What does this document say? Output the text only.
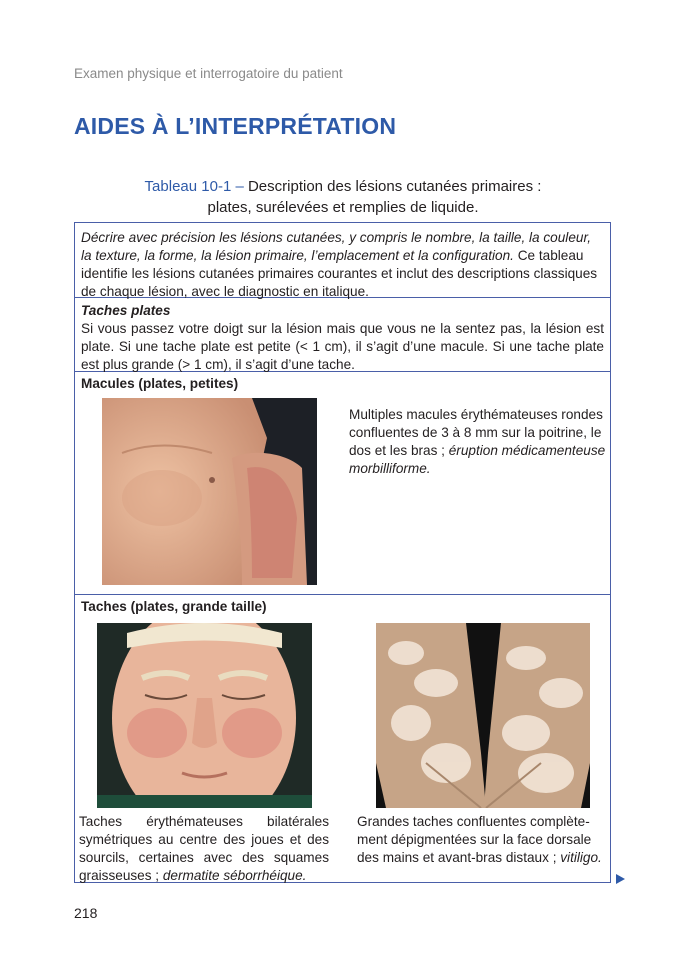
Examen physique et interrogatoire du patient
AIDES À L’INTERPRÉTATION
Tableau 10-1 – Description des lésions cutanées primaires :
plates, surélevées et remplies de liquide.
Décrire avec précision les lésions cutanées, y compris le nombre, la taille, la couleur, la texture, la forme, la lésion primaire, l’emplacement et la configuration. Ce tableau identifie les lésions cutanées primaires courantes et inclut des descriptions classiques de chaque lésion, avec le diagnostic en italique.
Taches plates
Si vous passez votre doigt sur la lésion mais que vous ne la sentez pas, la lésion est plate. Si une tache plate est petite (< 1 cm), il s’agit d’une macule. Si une tache plate est plus grande (> 1 cm), il s’agit d’une tache.
Macules (plates, petites)
Multiples macules érythémateuses rondes confluentes de 3 à 8 mm sur la poitrine, le dos et les bras ; éruption médicamenteuse morbilliforme.
Taches (plates, grande taille)
Taches érythémateuses bilatérales symétriques au centre des joues et des sourcils, certaines avec des squames graisseuses ; dermatite séborrhéique.
Grandes taches confluentes complètement dépigmentées sur la face dorsale des mains et avant-bras distaux ; vitiligo.
218
